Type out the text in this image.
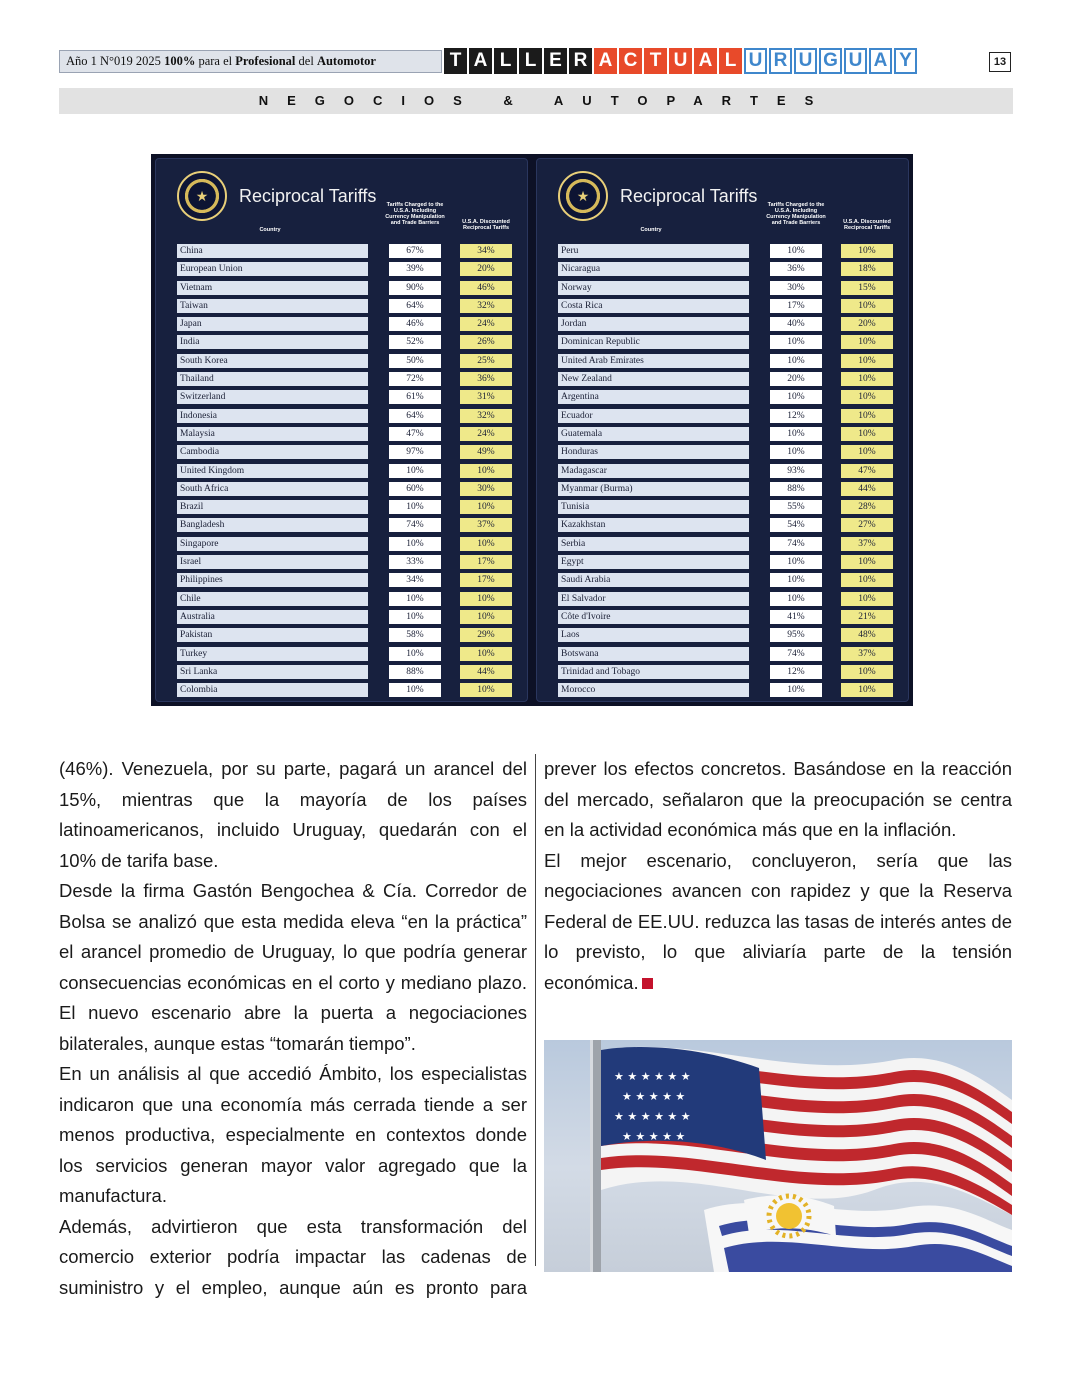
Año 1 N°019 2025 100% para el Profesional del Automotor	T A L L E R A C T U A L U R U G U A Y	13
NEGOCIOS & AUTOPARTES
★
Reciprocal Tariffs	Tariffs Charged to the U.S.A. Including Currency Manipulation and Trade Barriers	U.S.A. Discounted Reciprocal Tariffs
Country
China	67%	34%
European Union	39%	20%
Vietnam	90%	46%
Taiwan	64%	32%
Japan	46%	24%
India	52%	26%
South Korea	50%	25%
Thailand	72%	36%
Switzerland	61%	31%
Indonesia	64%	32%
Malaysia	47%	24%
Cambodia	97%	49%
United Kingdom	10%	10%
South Africa	60%	30%
Brazil	10%	10%
Bangladesh	74%	37%
Singapore	10%	10%
Israel	33%	17%
Philippines	34%	17%
Chile	10%	10%
Australia	10%	10%
Pakistan	58%	29%
Turkey	10%	10%
Sri Lanka	88%	44%
Colombia	10%	10%
★
Reciprocal Tariffs	Tariffs Charged to the U.S.A. Including Currency Manipulation and Trade Barriers	U.S.A. Discounted Reciprocal Tariffs
Country
Peru	10%	10%
Nicaragua	36%	18%
Norway	30%	15%
Costa Rica	17%	10%
Jordan	40%	20%
Dominican Republic	10%	10%
United Arab Emirates	10%	10%
New Zealand	20%	10%
Argentina	10%	10%
Ecuador	12%	10%
Guatemala	10%	10%
Honduras	10%	10%
Madagascar	93%	47%
Myanmar (Burma)	88%	44%
Tunisia	55%	28%
Kazakhstan	54%	27%
Serbia	74%	37%
Egypt	10%	10%
Saudi Arabia	10%	10%
El Salvador	10%	10%
Côte d'Ivoire	41%	21%
Laos	95%	48%
Botswana	74%	37%
Trinidad and Tobago	12%	10%
Morocco	10%	10%

(46%). Venezuela, por su parte, pagará un arancel del 15%, mientras que la mayoría de los países latinoamericanos, incluido Uruguay, quedarán con el 10% de tarifa base.

Desde la firma Gastón Bengochea & Cía. Corredor de Bolsa se analizó que esta medida eleva “en la práctica” el arancel promedio de Uruguay, lo que podría generar consecuencias económicas en el corto y mediano plazo. El nuevo escenario abre la puerta a negociaciones bilaterales, aunque estas “tomarán tiempo”.

En un análisis al que accedió Ámbito, los especialistas indicaron que una economía más cerrada tiende a ser menos productiva, especialmente en contextos donde los servicios generan mayor valor agregado que la manufactura.

Además, advirtieron que esta transformación del comercio exterior podría impactar las cadenas de suministro y el empleo, aunque aún es pronto para

prever los efectos concretos. Basándose en la reacción del mercado, señalaron que la preocupación se centra en la actividad económica más que en la inflación.

El mejor escenario, concluyeron, sería que las negociaciones avancen con rapidez y que la Reserva Federal de EE.UU. reduzca las tasas de interés antes de lo previsto, lo que aliviaría parte de la tensión económica.

★ ★ ★ ★ ★ ★
★ ★ ★ ★ ★
★ ★ ★ ★ ★ ★
★ ★ ★ ★ ★
